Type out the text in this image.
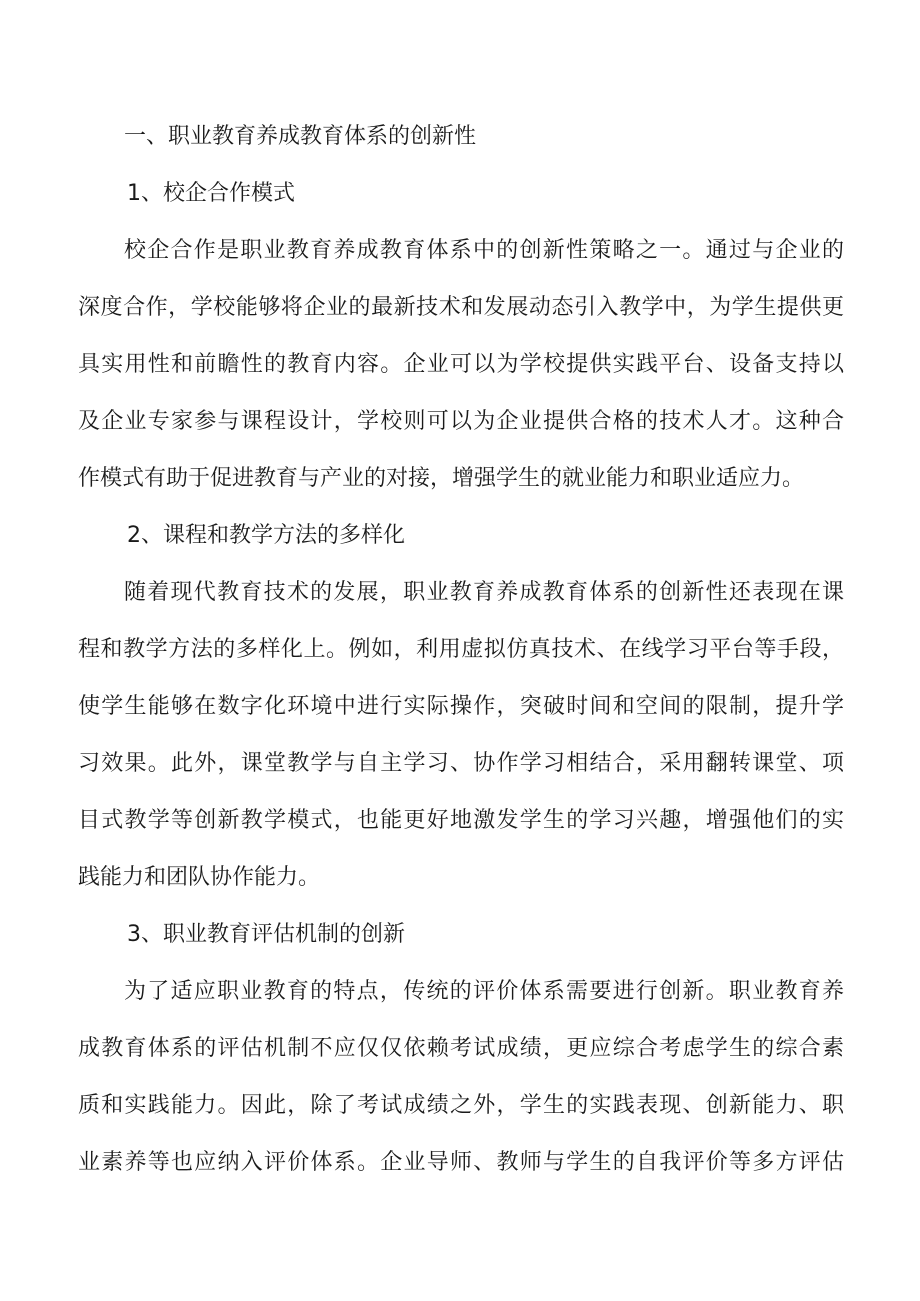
一、职业教育养成教育体系的创新性

1、校企合作模式

校企合作是职业教育养成教育体系中的创新性策略之一。通过与企业的
深度合作，学校能够将企业的最新技术和发展动态引入教学中，为学生提供更
具实用性和前瞻性的教育内容。企业可以为学校提供实践平台、设备支持以
及企业专家参与课程设计，学校则可以为企业提供合格的技术人才。这种合
作模式有助于促进教育与产业的对接，增强学生的就业能力和职业适应力。

2、课程和教学方法的多样化

随着现代教育技术的发展，职业教育养成教育体系的创新性还表现在课
程和教学方法的多样化上。例如，利用虚拟仿真技术、在线学习平台等手段，
使学生能够在数字化环境中进行实际操作，突破时间和空间的限制，提升学
习效果。此外，课堂教学与自主学习、协作学习相结合，采用翻转课堂、项
目式教学等创新教学模式，也能更好地激发学生的学习兴趣，增强他们的实
践能力和团队协作能力。

3、职业教育评估机制的创新

为了适应职业教育的特点，传统的评价体系需要进行创新。职业教育养
成教育体系的评估机制不应仅仅依赖考试成绩，更应综合考虑学生的综合素
质和实践能力。因此，除了考试成绩之外，学生的实践表现、创新能力、职
业素养等也应纳入评价体系。企业导师、教师与学生的自我评价等多方评估
